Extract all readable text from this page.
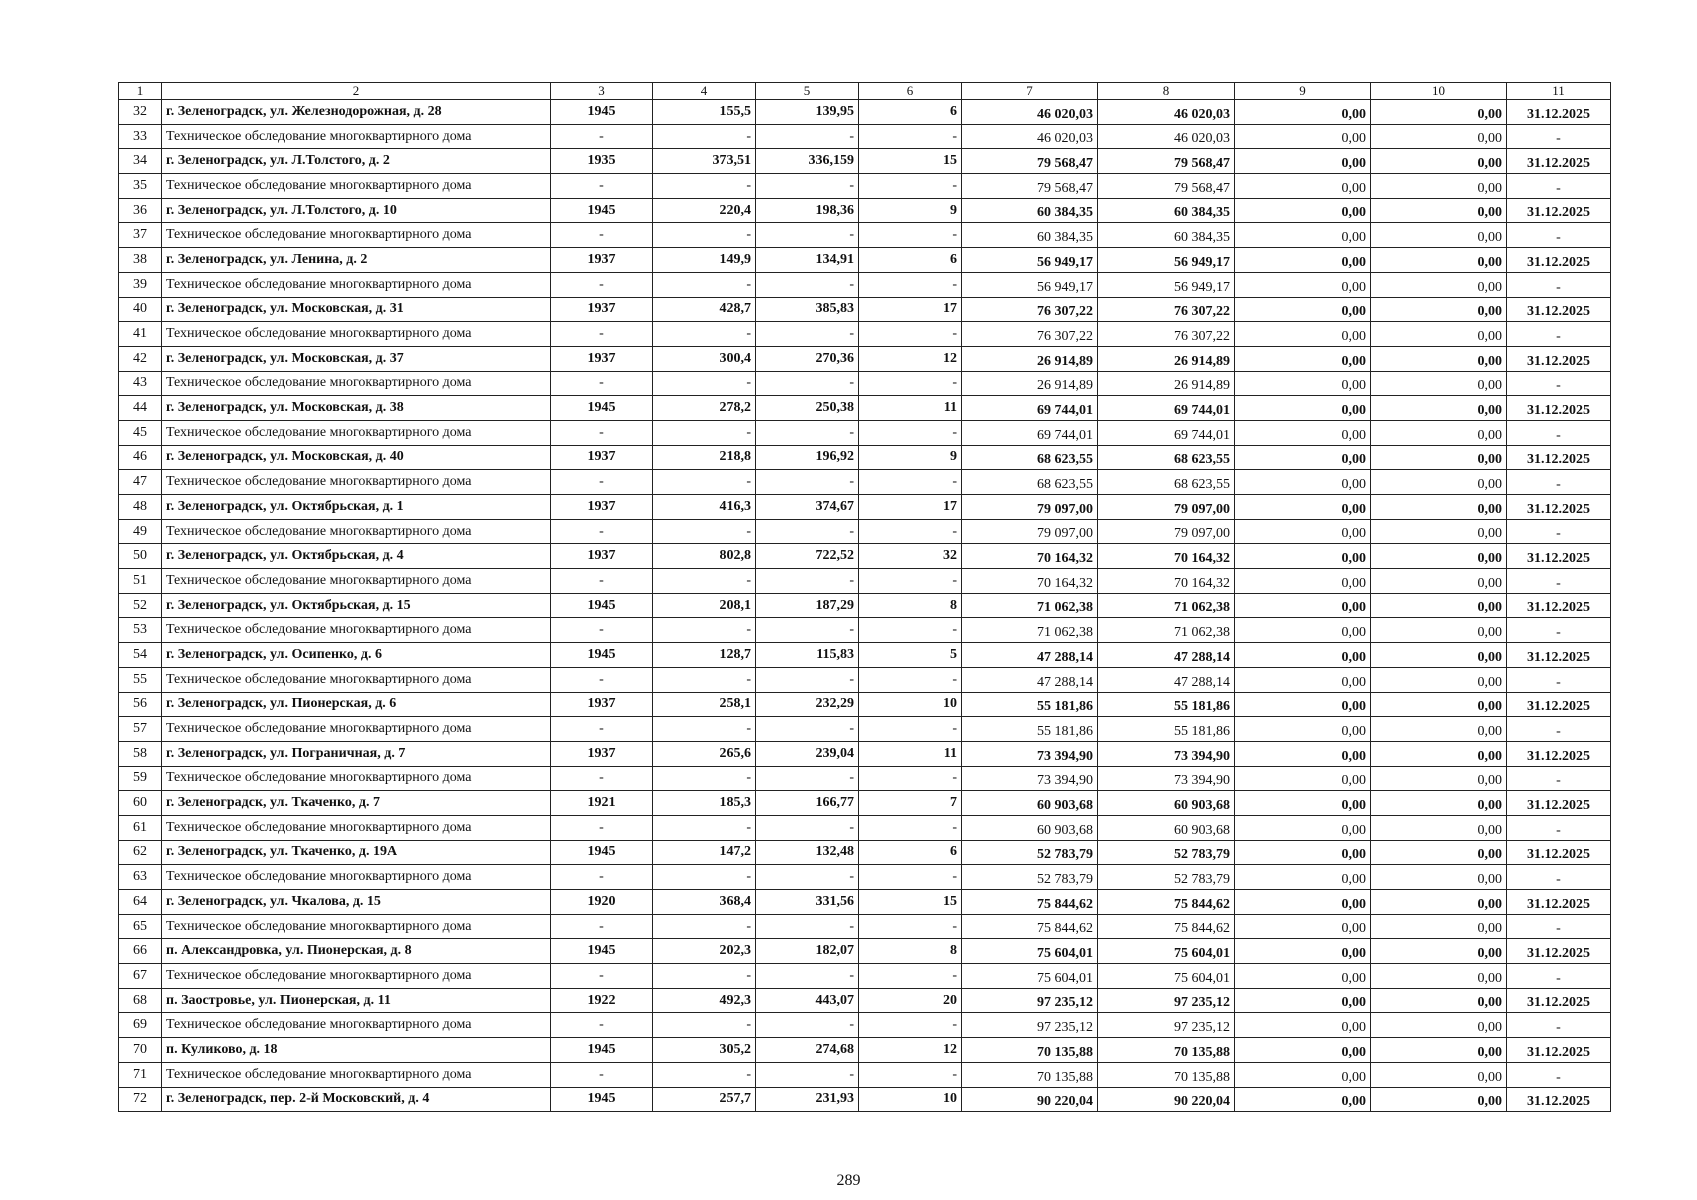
1	2	3	4	5	6	7	8	9	10	11
32	г. Зеленоградск, ул. Железнодорожная, д. 28	1945	155,5	139,95	6	46 020,03	46 020,03	0,00	0,00	31.12.2025
33	Техническое обследование многоквартирного дома	-	-	-	-	46 020,03	46 020,03	0,00	0,00	-
34	г. Зеленоградск, ул. Л.Толстого, д. 2	1935	373,51	336,159	15	79 568,47	79 568,47	0,00	0,00	31.12.2025
35	Техническое обследование многоквартирного дома	-	-	-	-	79 568,47	79 568,47	0,00	0,00	-
36	г. Зеленоградск, ул. Л.Толстого, д. 10	1945	220,4	198,36	9	60 384,35	60 384,35	0,00	0,00	31.12.2025
37	Техническое обследование многоквартирного дома	-	-	-	-	60 384,35	60 384,35	0,00	0,00	-
38	г. Зеленоградск, ул. Ленина, д. 2	1937	149,9	134,91	6	56 949,17	56 949,17	0,00	0,00	31.12.2025
39	Техническое обследование многоквартирного дома	-	-	-	-	56 949,17	56 949,17	0,00	0,00	-
40	г. Зеленоградск, ул. Московская, д. 31	1937	428,7	385,83	17	76 307,22	76 307,22	0,00	0,00	31.12.2025
41	Техническое обследование многоквартирного дома	-	-	-	-	76 307,22	76 307,22	0,00	0,00	-
42	г. Зеленоградск, ул. Московская, д. 37	1937	300,4	270,36	12	26 914,89	26 914,89	0,00	0,00	31.12.2025
43	Техническое обследование многоквартирного дома	-	-	-	-	26 914,89	26 914,89	0,00	0,00	-
44	г. Зеленоградск, ул. Московская, д. 38	1945	278,2	250,38	11	69 744,01	69 744,01	0,00	0,00	31.12.2025
45	Техническое обследование многоквартирного дома	-	-	-	-	69 744,01	69 744,01	0,00	0,00	-
46	г. Зеленоградск, ул. Московская, д. 40	1937	218,8	196,92	9	68 623,55	68 623,55	0,00	0,00	31.12.2025
47	Техническое обследование многоквартирного дома	-	-	-	-	68 623,55	68 623,55	0,00	0,00	-
48	г. Зеленоградск, ул. Октябрьская, д. 1	1937	416,3	374,67	17	79 097,00	79 097,00	0,00	0,00	31.12.2025
49	Техническое обследование многоквартирного дома	-	-	-	-	79 097,00	79 097,00	0,00	0,00	-
50	г. Зеленоградск, ул. Октябрьская, д. 4	1937	802,8	722,52	32	70 164,32	70 164,32	0,00	0,00	31.12.2025
51	Техническое обследование многоквартирного дома	-	-	-	-	70 164,32	70 164,32	0,00	0,00	-
52	г. Зеленоградск, ул. Октябрьская, д. 15	1945	208,1	187,29	8	71 062,38	71 062,38	0,00	0,00	31.12.2025
53	Техническое обследование многоквартирного дома	-	-	-	-	71 062,38	71 062,38	0,00	0,00	-
54	г. Зеленоградск, ул. Осипенко, д. 6	1945	128,7	115,83	5	47 288,14	47 288,14	0,00	0,00	31.12.2025
55	Техническое обследование многоквартирного дома	-	-	-	-	47 288,14	47 288,14	0,00	0,00	-
56	г. Зеленоградск, ул. Пионерская, д. 6	1937	258,1	232,29	10	55 181,86	55 181,86	0,00	0,00	31.12.2025
57	Техническое обследование многоквартирного дома	-	-	-	-	55 181,86	55 181,86	0,00	0,00	-
58	г. Зеленоградск, ул. Пограничная, д. 7	1937	265,6	239,04	11	73 394,90	73 394,90	0,00	0,00	31.12.2025
59	Техническое обследование многоквартирного дома	-	-	-	-	73 394,90	73 394,90	0,00	0,00	-
60	г. Зеленоградск, ул. Ткаченко, д. 7	1921	185,3	166,77	7	60 903,68	60 903,68	0,00	0,00	31.12.2025
61	Техническое обследование многоквартирного дома	-	-	-	-	60 903,68	60 903,68	0,00	0,00	-
62	г. Зеленоградск, ул. Ткаченко, д. 19А	1945	147,2	132,48	6	52 783,79	52 783,79	0,00	0,00	31.12.2025
63	Техническое обследование многоквартирного дома	-	-	-	-	52 783,79	52 783,79	0,00	0,00	-
64	г. Зеленоградск, ул. Чкалова, д. 15	1920	368,4	331,56	15	75 844,62	75 844,62	0,00	0,00	31.12.2025
65	Техническое обследование многоквартирного дома	-	-	-	-	75 844,62	75 844,62	0,00	0,00	-
66	п. Александровка, ул. Пионерская, д. 8	1945	202,3	182,07	8	75 604,01	75 604,01	0,00	0,00	31.12.2025
67	Техническое обследование многоквартирного дома	-	-	-	-	75 604,01	75 604,01	0,00	0,00	-
68	п. Заостровье, ул. Пионерская, д. 11	1922	492,3	443,07	20	97 235,12	97 235,12	0,00	0,00	31.12.2025
69	Техническое обследование многоквартирного дома	-	-	-	-	97 235,12	97 235,12	0,00	0,00	-
70	п. Куликово, д. 18	1945	305,2	274,68	12	70 135,88	70 135,88	0,00	0,00	31.12.2025
71	Техническое обследование многоквартирного дома	-	-	-	-	70 135,88	70 135,88	0,00	0,00	-
72	г. Зеленоградск, пер. 2-й Московский, д. 4	1945	257,7	231,93	10	90 220,04	90 220,04	0,00	0,00	31.12.2025
289
